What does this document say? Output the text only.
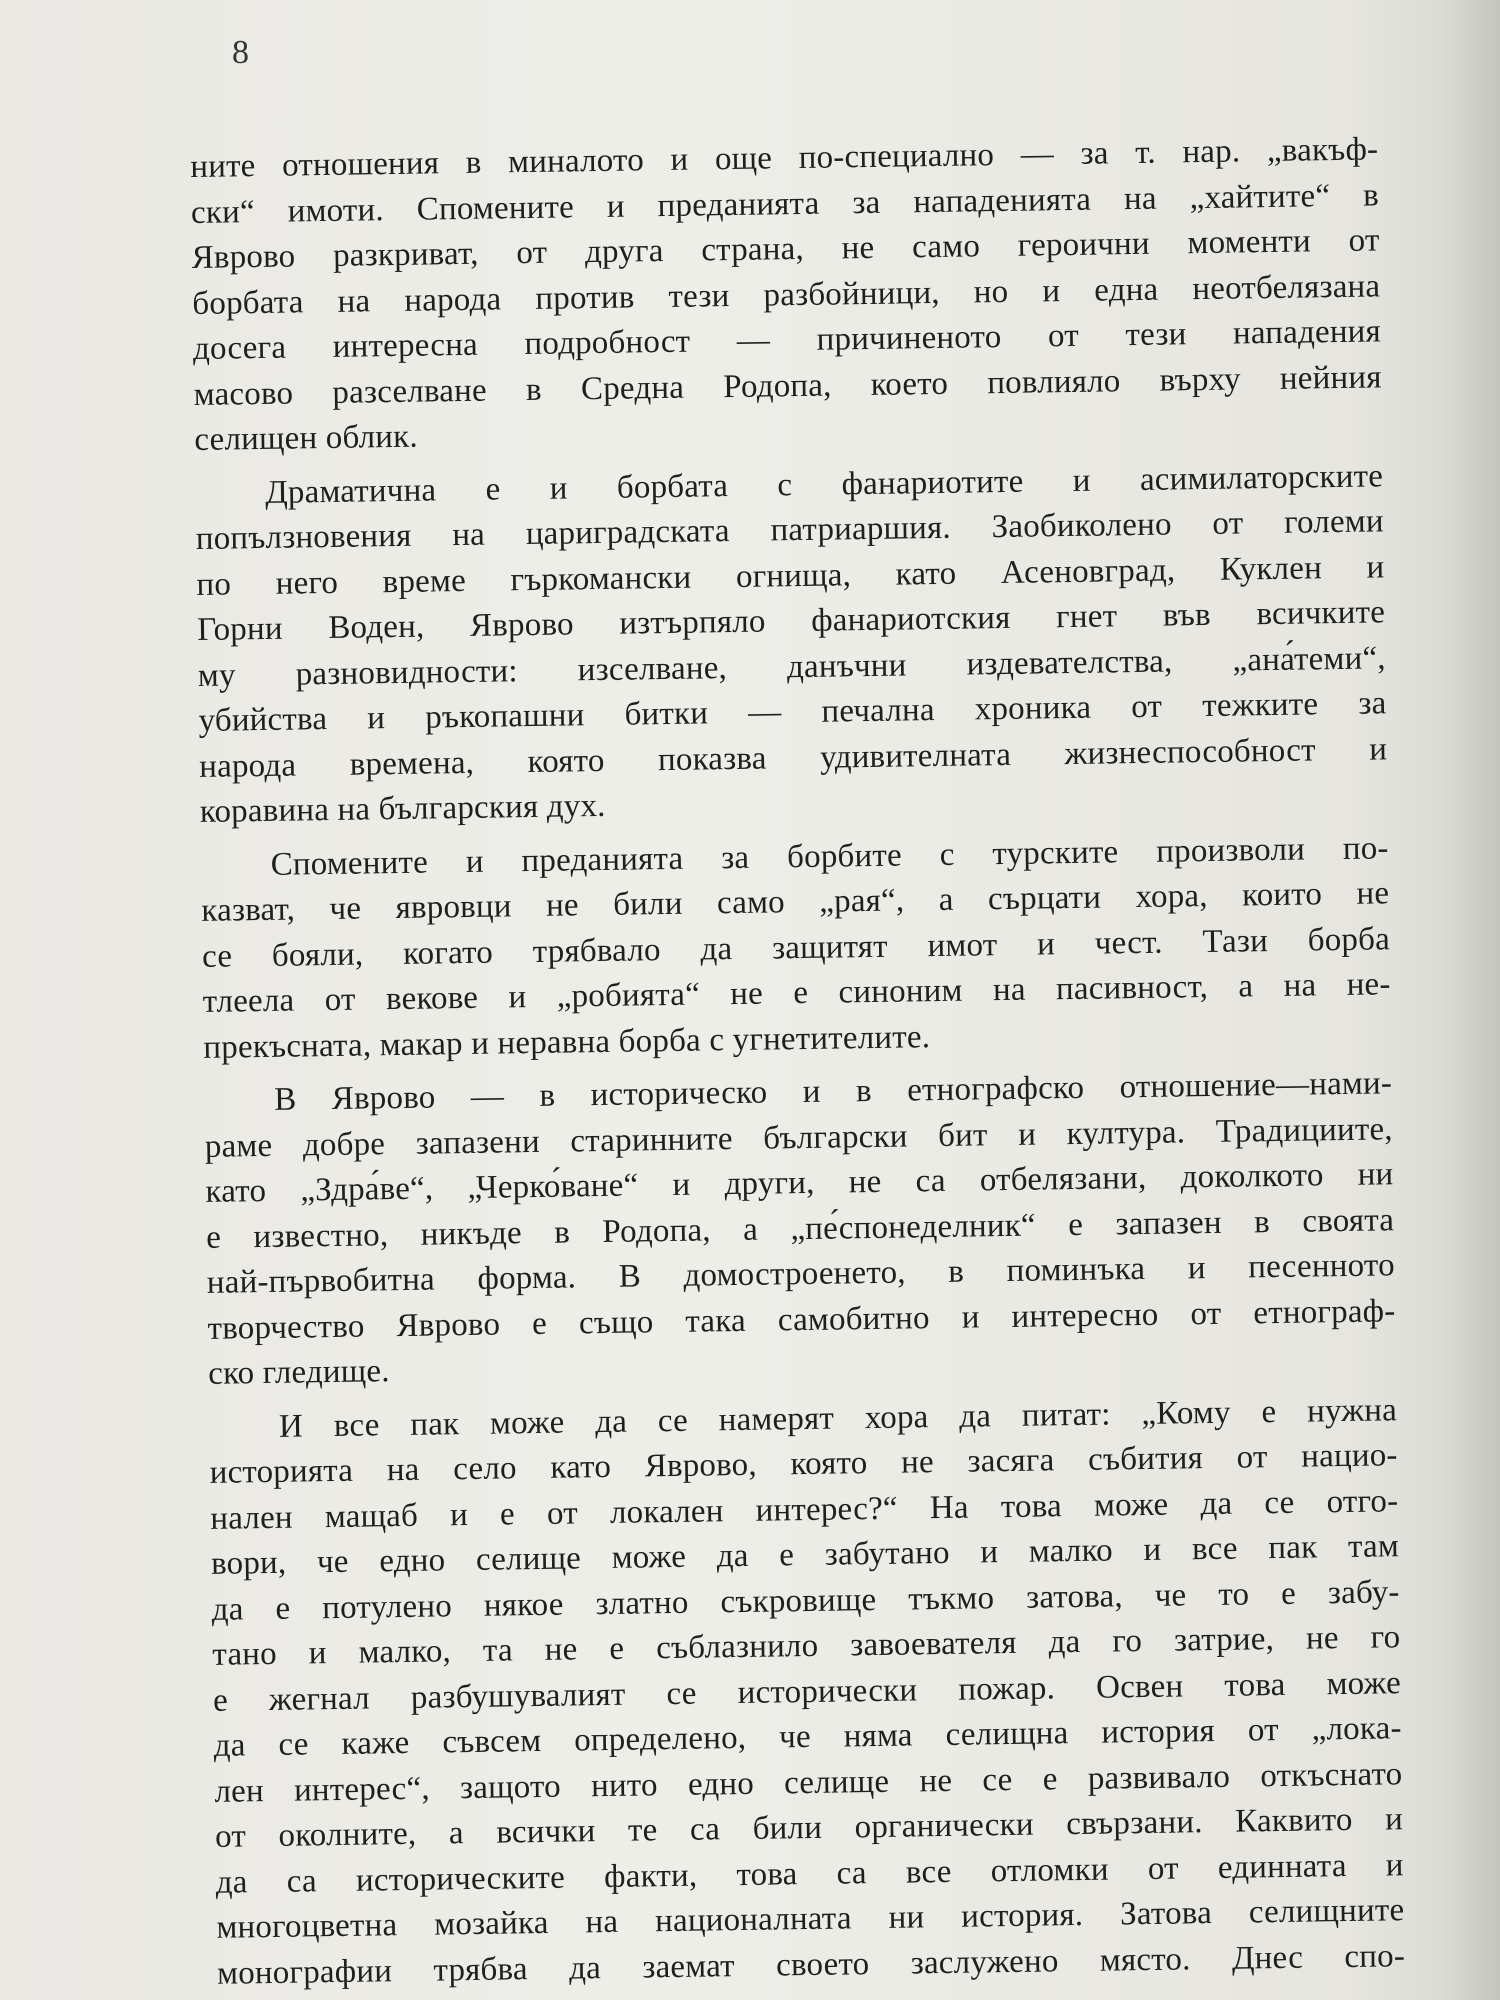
8
ните отношения в миналото и още по-специално — за т. нар. „вакъф-
ски“ имоти. Спомените и преданията за нападенията на „хайтите“ в
Яврово разкриват, от друга страна, не само героични моменти от
борбата на народа против тези разбойници, но и една неотбелязана
досега интересна подробност — причиненото от тези нападения
масово разселване в Средна Родопа, което повлияло върху нейния
селищен облик.
Драматична е и борбата с фанариотите и асимилаторските
попълзновения на цариградската патриаршия. Заобиколено от големи
по него време гъркомански огнища, като Асеновград, Куклен и
Горни Воден, Яврово изтърпяло фанариотския гнет във всичките
му разновидности: изселване, данъчни издевателства, „ана́теми“,
убийства и ръкопашни битки — печална хроника от тежките за
народа времена, която показва удивителната жизнеспособност и
коравина на българския дух.
Спомените и преданията за борбите с турските произволи по-
казват, че явровци не били само „рая“, а сърцати хора, които не
се бояли, когато трябвало да защитят имот и чест. Тази борба
тлеела от векове и „робията“ не е синоним на пасивност, а на не-
прекъсната, макар и неравна борба с угнетителите.
В Яврово — в историческо и в етнографско отношение—нами-
раме добре запазени старинните български бит и култура. Традициите,
като „Здра́ве“, „Черко́ване“ и други, не са отбелязани, доколкото ни
е известно, никъде в Родопа, а „пе́спонеделник“ е запазен в своята
най-първобитна форма. В домостроенето, в поминъка и песенното
творчество Яврово е също така самобитно и интересно от етнограф-
ско гледище.
И все пак може да се намерят хора да питат: „Кому е нужна
историята на село като Яврово, която не засяга събития от нацио-
нален мащаб и е от локален интерес?“ На това може да се отго-
вори, че едно селище може да е забутано и малко и все пак там
да е потулено някое златно съкровище тъкмо затова, че то е забу-
тано и малко, та не е съблазнило завоевателя да го затрие, не го
е жегнал разбушувалият се исторически пожар. Освен това може
да се каже съвсем определено, че няма селищна история от „лока-
лен интерес“, защото нито едно селище не се е развивало откъснато
от околните, а всички те са били органически свързани. Каквито и
да са историческите факти, това са все отломки от единната и
многоцветна мозайка на националната ни история. Затова селищните
монографии трябва да заемат своето заслужено място. Днес спо-
